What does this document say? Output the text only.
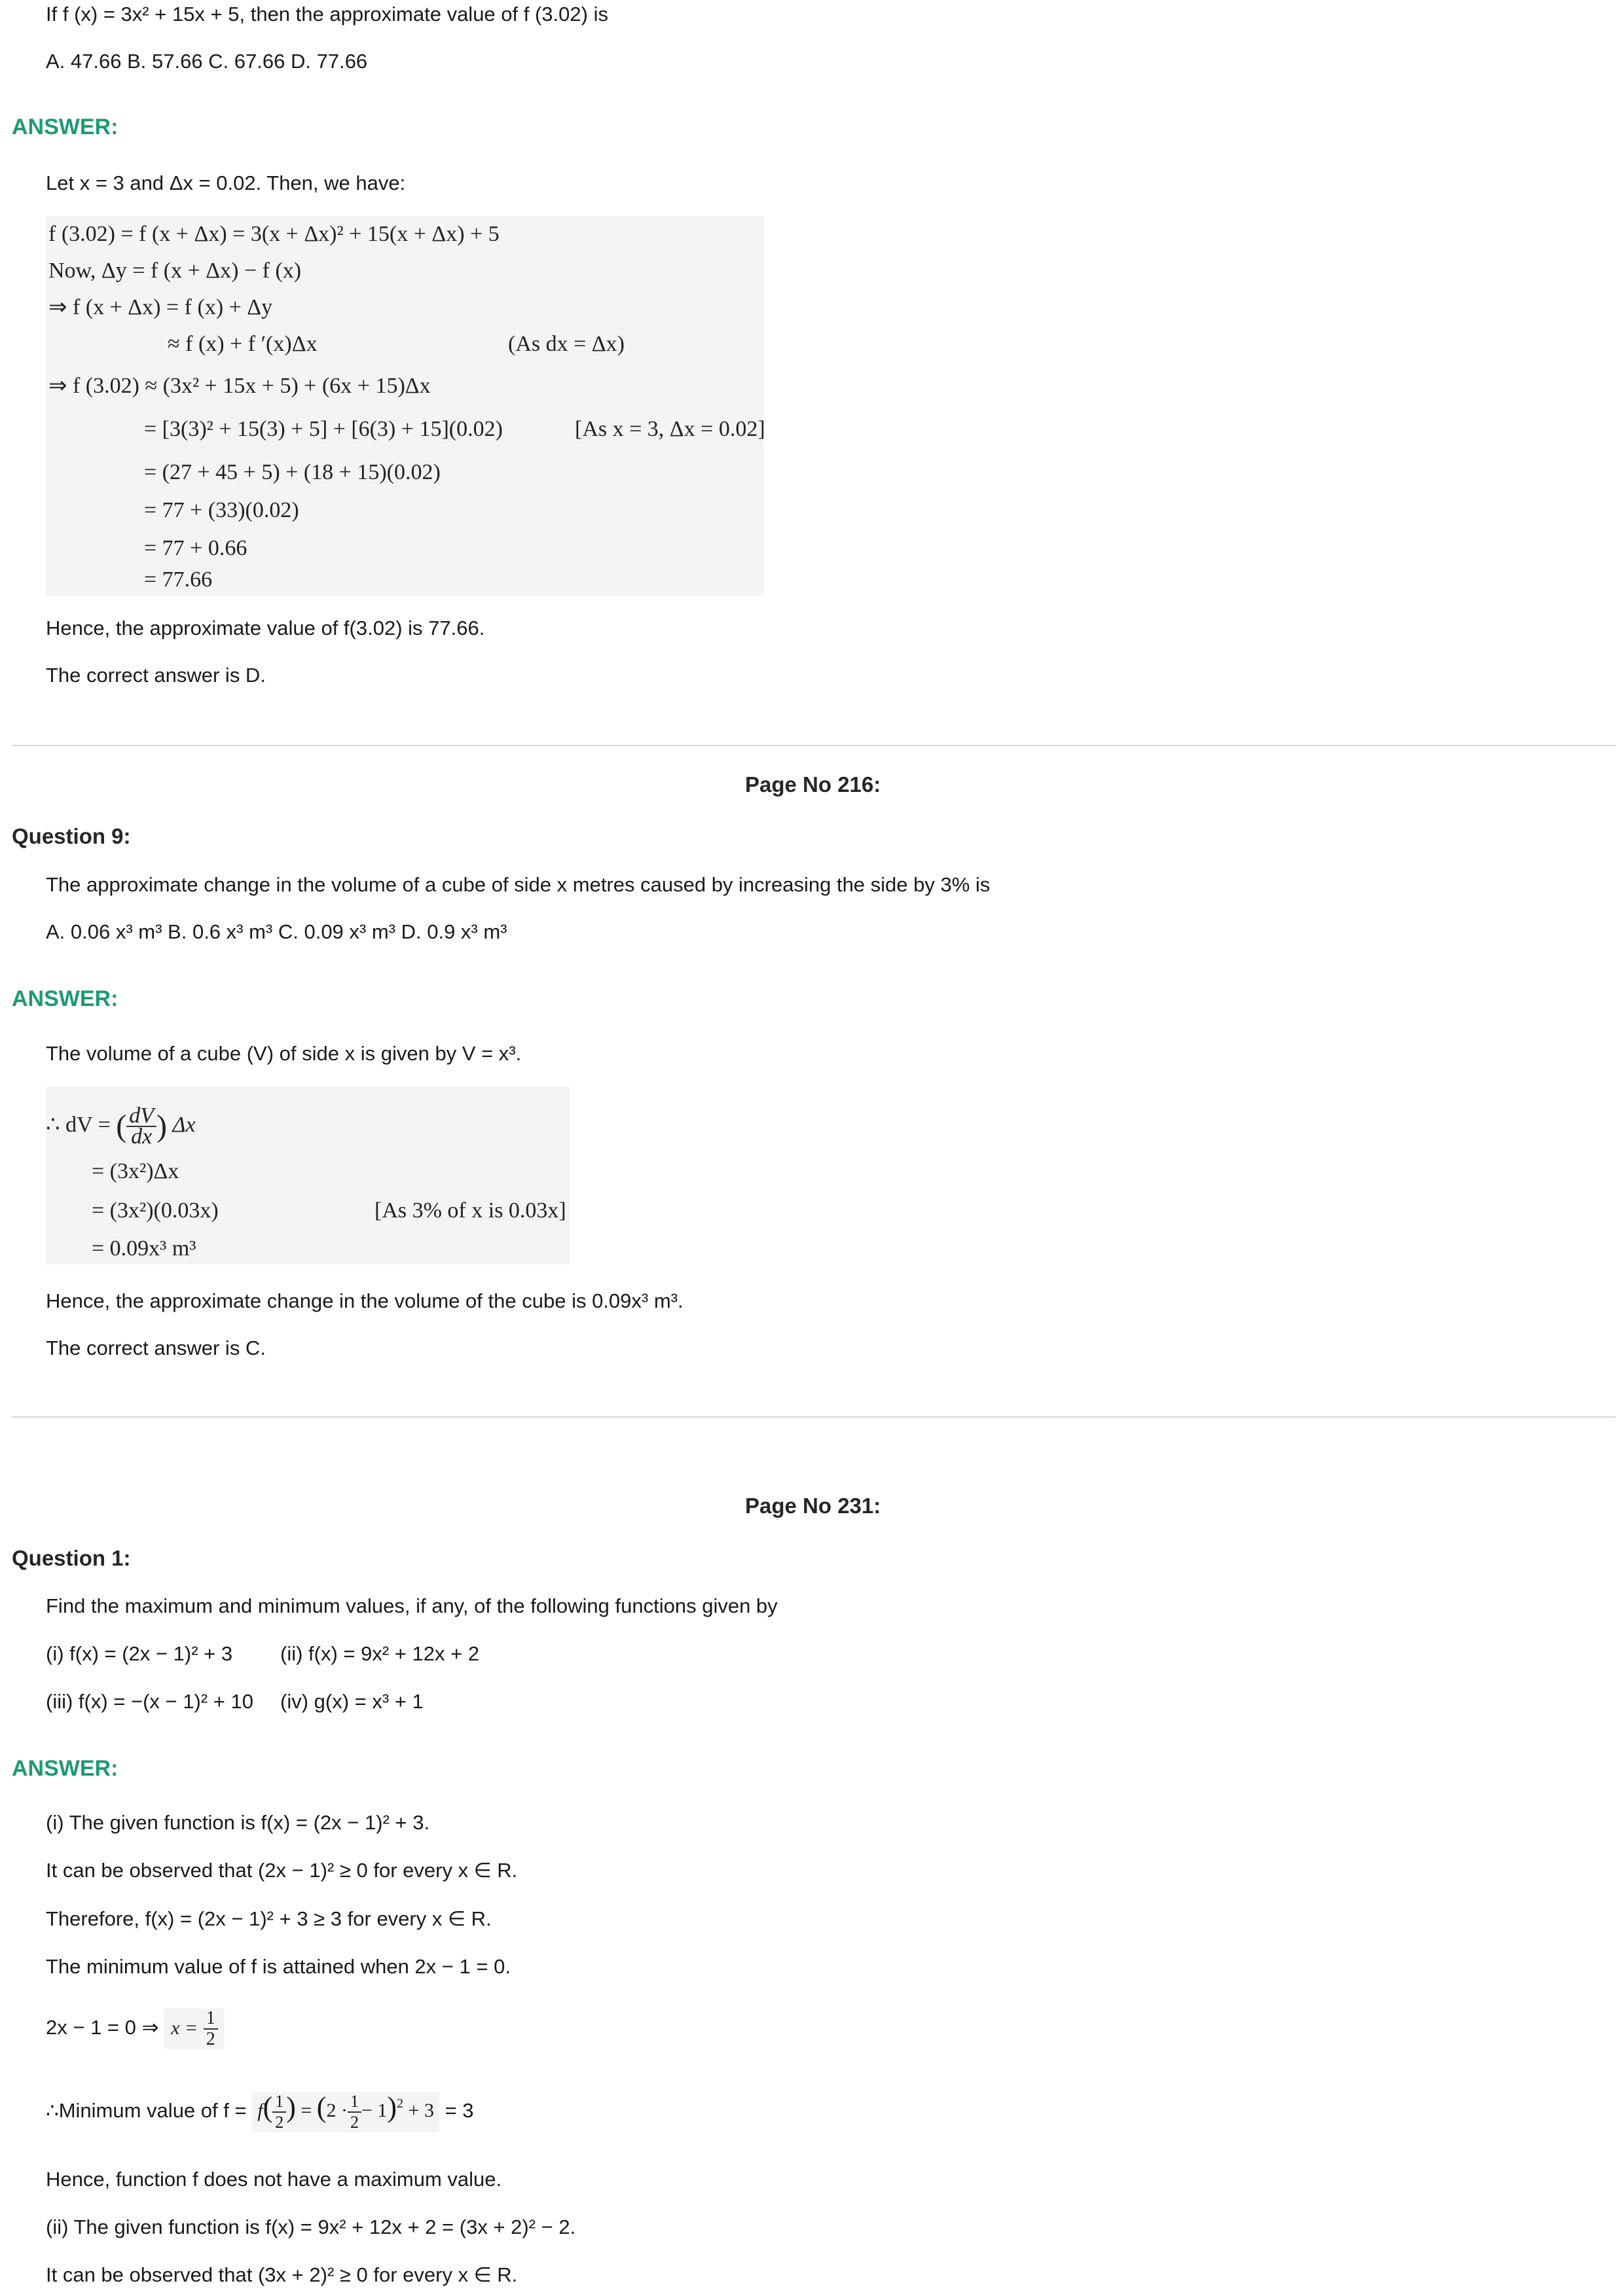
If f (x) = 3x² + 15x + 5, then the approximate value of f (3.02) is
A. 47.66 B. 57.66 C. 67.66 D. 77.66
ANSWER:
Let x = 3 and Δx = 0.02. Then, we have:
f (3.02) = f (x + Δx) = 3(x + Δx)² + 15(x + Δx) + 5
Now, Δy = f (x + Δx) − f (x)
⇒ f (x + Δx) = f (x) + Δy
≈ f (x) + f ′(x)Δx	(As dx = Δx)
⇒ f (3.02) ≈ (3x² + 15x + 5) + (6x + 15)Δx
= [3(3)² + 15(3) + 5] + [6(3) + 15](0.02)	[As x = 3, Δx = 0.02]
= (27 + 45 + 5) + (18 + 15)(0.02)
= 77 + (33)(0.02)
= 77 + 0.66
= 77.66
Hence, the approximate value of f(3.02) is 77.66.
The correct answer is D.
Page No 216:
Question 9:
The approximate change in the volume of a cube of side x metres caused by increasing the side by 3% is
A. 0.06 x³ m³ B. 0.6 x³ m³ C. 0.09 x³ m³ D. 0.9 x³ m³
ANSWER:
The volume of a cube (V) of side x is given by V = x³.
∴ dV = ( $\frac{dV}{dx}$ ) Δx
= (3x²)Δx
= (3x²)(0.03x)	[As 3% of x is 0.03x]
= 0.09x³ m³
Hence, the approximate change in the volume of the cube is 0.09x³ m³.
The correct answer is C.
Page No 231:
Question 1:
Find the maximum and minimum values, if any, of the following functions given by
(i) f(x) = (2x − 1)² + 3 (ii) f(x) = 9x² + 12x + 2
(iii) f(x) = −(x − 1)² + 10 (iv) g(x) = x³ + 1
ANSWER:
(i) The given function is f(x) = (2x − 1)² + 3.
It can be observed that (2x − 1)² ≥ 0 for every x ∈ R.
Therefore, f(x) = (2x − 1)² + 3 ≥ 3 for every x ∈ R.
The minimum value of f is attained when 2x − 1 = 0.
2x − 1 = 0 ⇒ $x = \frac{1}{2}$
∴Minimum value of $f = f( \frac{1}{2}$ ) = $(2 \cdot \frac{1}{2} - 1)^2 + 3 = 3$
Hence, function f does not have a maximum value.
(ii) The given function is f(x) = 9x² + 12x + 2 = (3x + 2)² − 2.
It can be observed that (3x + 2)² ≥ 0 for every x ∈ R.
